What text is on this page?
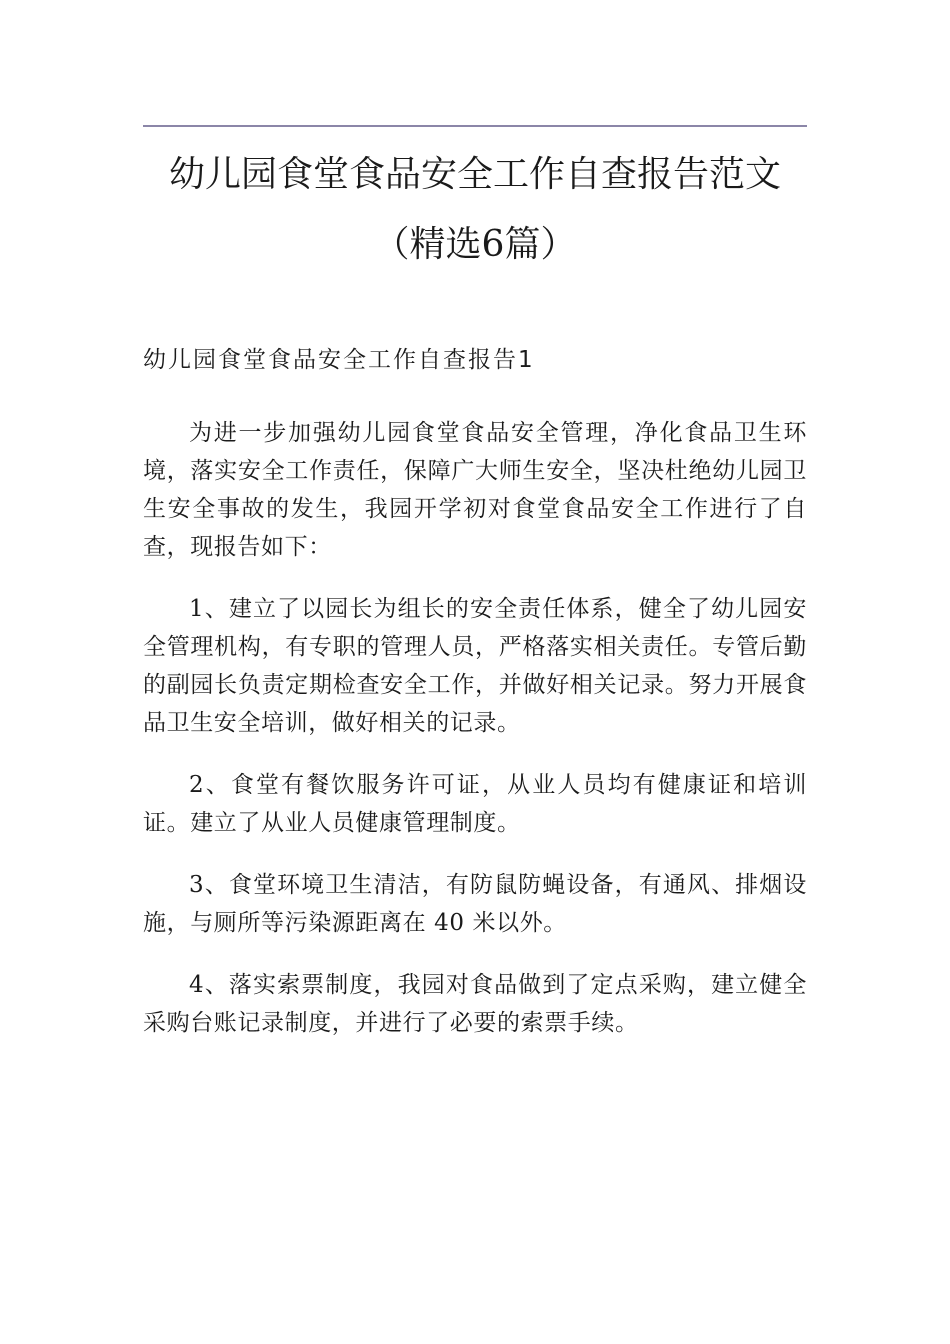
幼儿园食堂食品安全工作自查报告范文
（精选6篇）
幼儿园食堂食品安全工作自查报告1

为进一步加强幼儿园食堂食品安全管理，净化食品卫生环境，落实安全工作责任，保障广大师生安全，坚决杜绝幼儿园卫生安全事故的发生，我园开学初对食堂食品安全工作进行了自查，现报告如下：

1、建立了以园长为组长的安全责任体系，健全了幼儿园安全管理机构，有专职的管理人员，严格落实相关责任。专管后勤的副园长负责定期检查安全工作，并做好相关记录。努力开展食品卫生安全培训，做好相关的记录。

2、食堂有餐饮服务许可证，从业人员均有健康证和培训证。建立了从业人员健康管理制度。

3、食堂环境卫生清洁，有防鼠防蝇设备，有通风、排烟设施，与厕所等污染源距离在 40 米以外。

4、落实索票制度，我园对食品做到了定点采购，建立健全采购台账记录制度，并进行了必要的索票手续。
